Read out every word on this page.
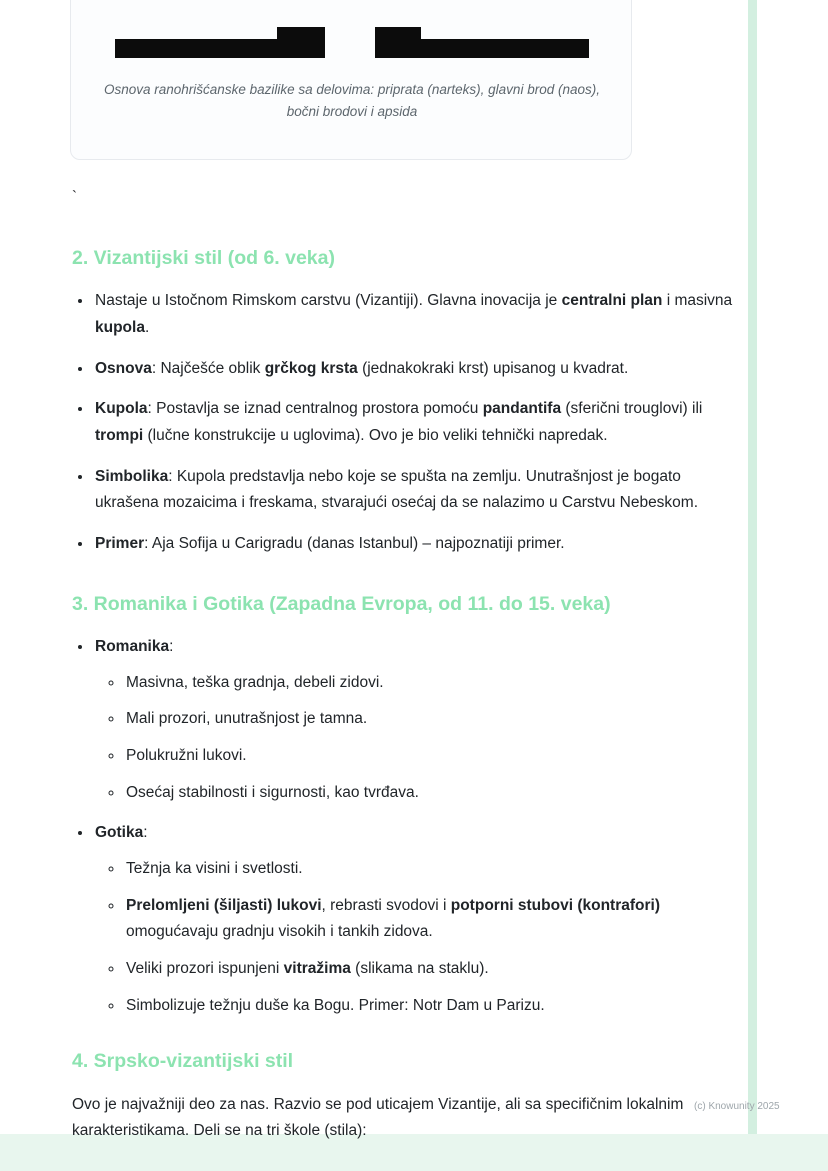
Osnova ranohrišćanske bazilike sa delovima: priprata (narteks), glavni brod (naos), bočni brodovi i apsida
`
2. Vizantijski stil (od 6. veka)
• Nastaje u Istočnom Rimskom carstvu (Vizantiji). Glavna inovacija je centralni plan i masivna kupola.
• Osnova: Najčešće oblik grčkog krsta (jednakokraki krst) upisanog u kvadrat.
• Kupola: Postavlja se iznad centralnog prostora pomoću pandantifa (sferični trouglovi) ili trompi (lučne konstrukcije u uglovima). Ovo je bio veliki tehnički napredak.
• Simbolika: Kupola predstavlja nebo koje se spušta na zemlju. Unutrašnjost je bogato ukrašena mozaicima i freskama, stvarajući osećaj da se nalazimo u Carstvu Nebeskom.
• Primer: Aja Sofija u Carigradu (danas Istanbul) – najpoznatiji primer.
3. Romanika i Gotika (Zapadna Evropa, od 11. do 15. veka)
• Romanika:
◦ Masivna, teška gradnja, debeli zidovi.
◦ Mali prozori, unutrašnjost je tamna.
◦ Polukružni lukovi.
◦ Osećaj stabilnosti i sigurnosti, kao tvrđava.
• Gotika:
◦ Težnja ka visini i svetlosti.
◦ Prelomljeni (šiljasti) lukovi, rebrasti svodovi i potporni stubovi (kontrafori) omogućavaju gradnju visokih i tankih zidova.
◦ Veliki prozori ispunjeni vitražima (slikama na staklu).
◦ Simbolizuje težnju duše ka Bogu. Primer: Notr Dam u Parizu.
4. Srpsko-vizantijski stil

Ovo je najvažniji deo za nas. Razvio se pod uticajem Vizantije, ali sa specifičnim lokalnim karakteristikama. Deli se na tri škole (stila):

(c) Knowunity 2025
